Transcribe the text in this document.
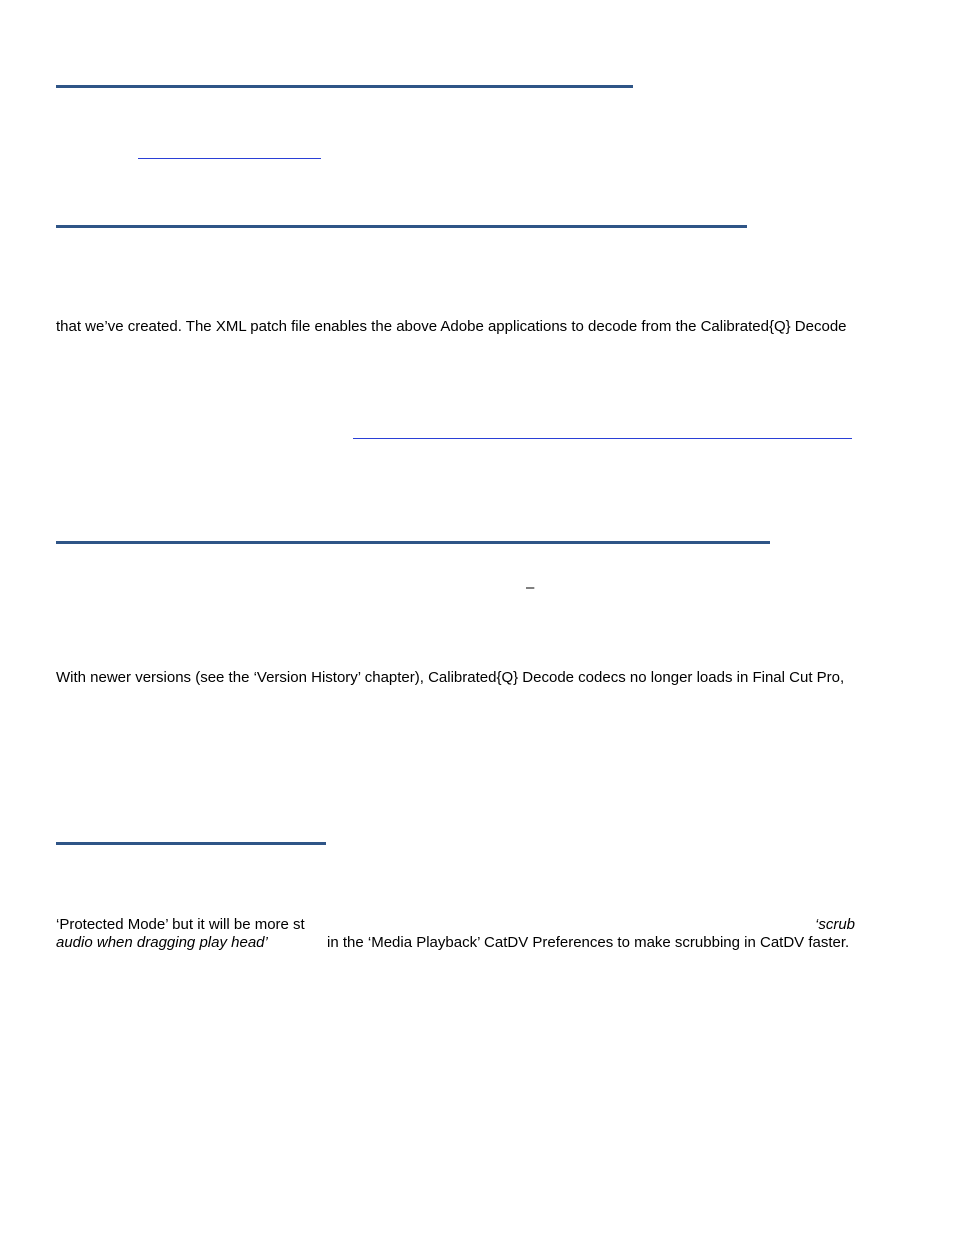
that we’ve created. The XML patch file enables the above Adobe applications to decode from the Calibrated{Q} Decode
–
With newer versions (see the ‘Version History’ chapter), Calibrated{Q} Decode codecs no longer loads in Final Cut Pro,
‘Protected Mode’ but it will be more st	‘scrub
audio when dragging play head’	in the ‘Media Playback’ CatDV Preferences to make scrubbing in CatDV faster.
